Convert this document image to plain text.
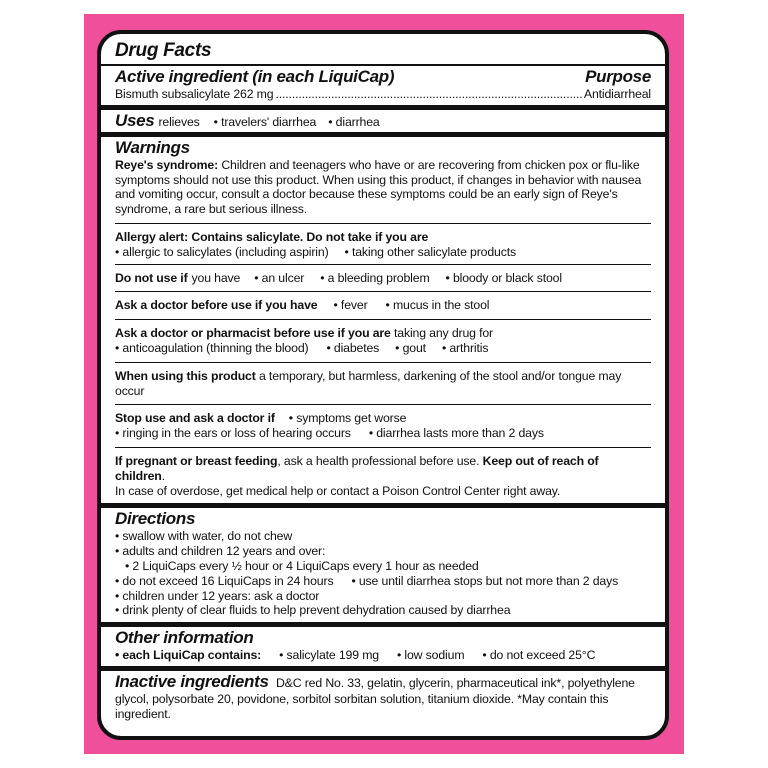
Drug Facts
Active ingredient (in each LiquiCap)	Purpose
Bismuth subsalicylate 262 mg .....	Antidiarrheal
Uses relieves	• travelers' diarrhea	• diarrhea
Warnings

Reye's syndrome: Children and teenagers who have or are recovering from chicken pox or flu-like symptoms should not use this product. When using this product, if changes in behavior with nausea and vomiting occur, consult a doctor because these symptoms could be an early sign of Reye's syndrome, a rare but serious illness.

Allergy alert: Contains salicylate. Do not take if you are

• allergic to salicylates (including aspirin)	• taking other salicylate products
Do not use if you have	• an ulcer	• a bleeding problem	• bloody or black stool
Ask a doctor before use if you have	• fever	• mucus in the stool

Ask a doctor or pharmacist before use if you are taking any drug for

• anticoagulation (thinning the blood)	• diabetes	• gout	• arthritis

When using this product a temporary, but harmless, darkening of the stool and/or tongue may occur

Stop use and ask a doctor if	• symptoms get worse
• ringing in the ears or loss of hearing occurs	• diarrhea lasts more than 2 days

If pregnant or breast feeding, ask a health professional before use. Keep out of reach of children.

In case of overdose, get medical help or contact a Poison Control Center right away.

Directions
• swallow with water, do not chew
• adults and children 12 years and over:
• 2 LiquiCaps every ½ hour or 4 LiquiCaps every 1 hour as needed
• do not exceed 16 LiquiCaps in 24 hours	• use until diarrhea stops but not more than 2 days
• children under 12 years: ask a doctor
• drink plenty of clear fluids to help prevent dehydration caused by diarrhea
Other information
• each LiquiCap contains:	• salicylate 199 mg	• low sodium	• do not exceed 25°C

Inactive ingredients D&C red No. 33, gelatin, glycerin, pharmaceutical ink*, polyethylene glycol, polysorbate 20, povidone, sorbitol sorbitan solution, titanium dioxide. *May contain this ingredient.
